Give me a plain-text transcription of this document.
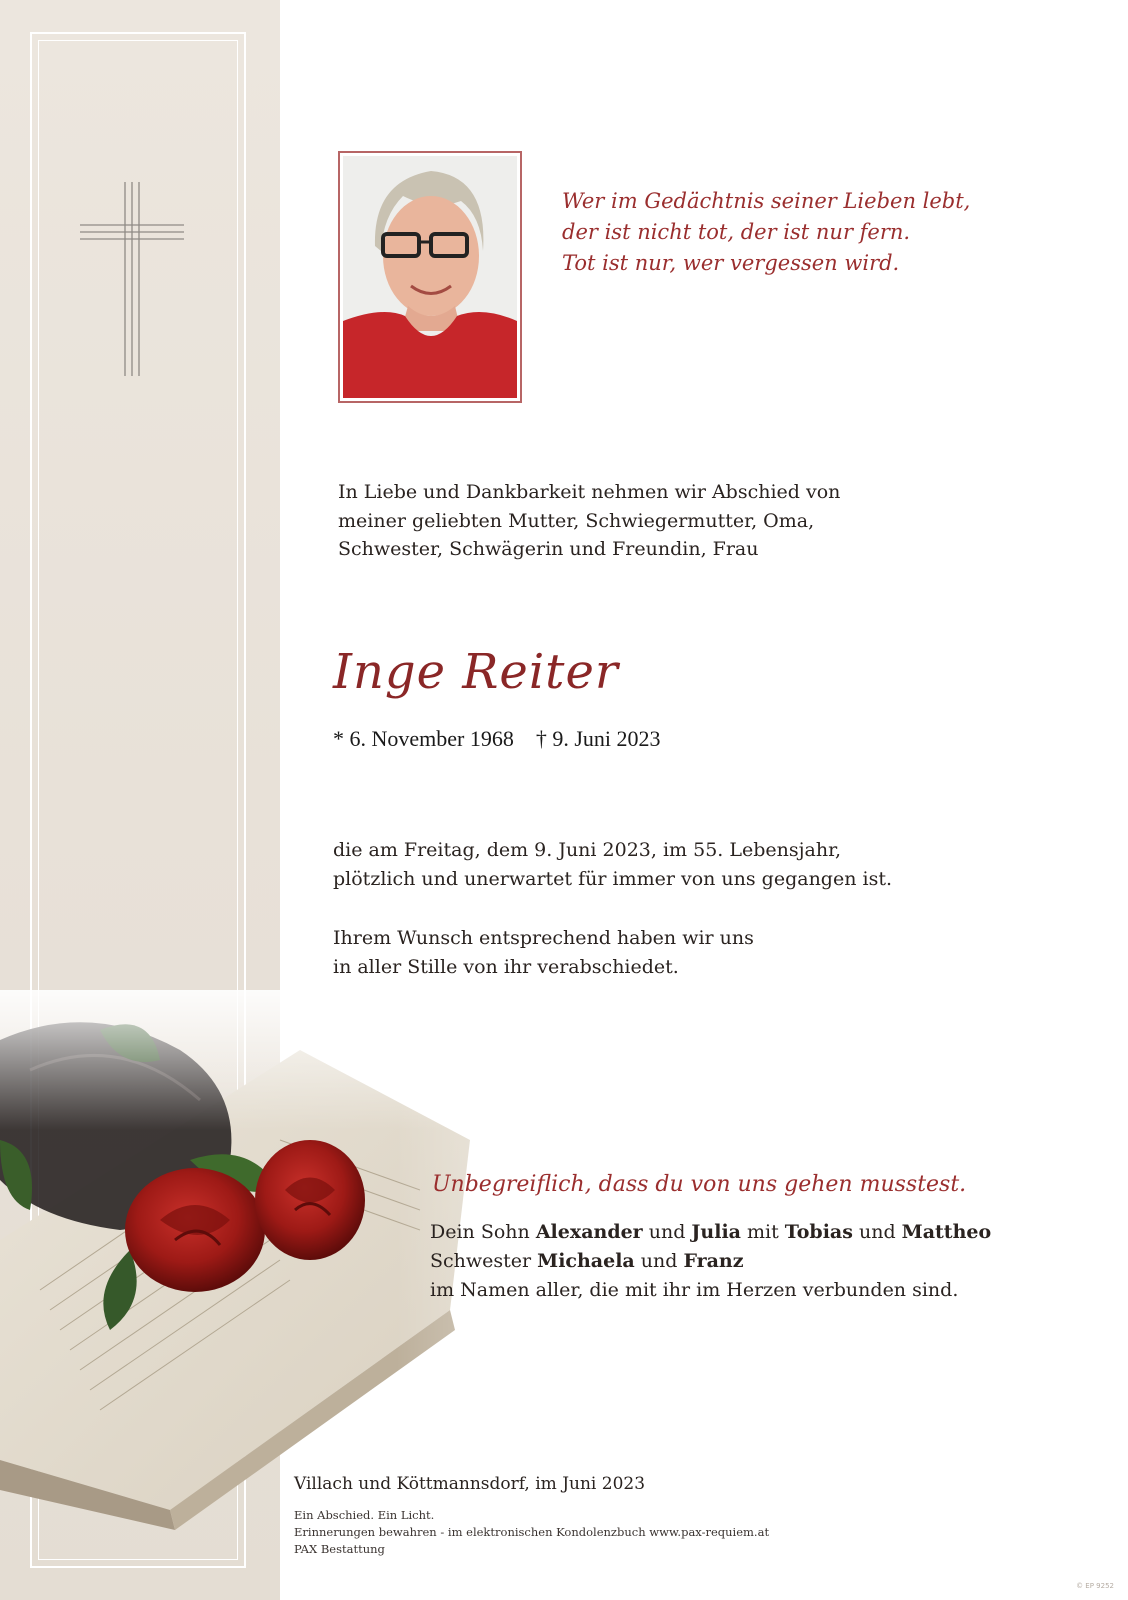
Wer im Gedächtnis seiner Lieben lebt,
der ist nicht tot, der ist nur fern.
Tot ist nur, wer vergessen wird.
In Liebe und Dankbarkeit nehmen wir Abschied von
meiner geliebten Mutter, Schwiegermutter, Oma,
Schwester, Schwägerin und Freundin, Frau
Inge Reiter
* 6. November 1968 † 9. Juni 2023
die am Freitag, dem 9. Juni 2023, im 55. Lebensjahr,
plötzlich und unerwartet für immer von uns gegangen ist.
Ihrem Wunsch entsprechend haben wir uns
in aller Stille von ihr verabschiedet.
Unbegreiflich, dass du von uns gehen musstest.
Dein Sohn Alexander und Julia mit Tobias und Mattheo
Schwester Michaela und Franz
im Namen aller, die mit ihr im Herzen verbunden sind.
Villach und Köttmannsdorf, im Juni 2023
Ein Abschied. Ein Licht.
Erinnerungen bewahren - im elektronischen Kondolenzbuch www.pax-requiem.at
PAX Bestattung
© EP 9252
